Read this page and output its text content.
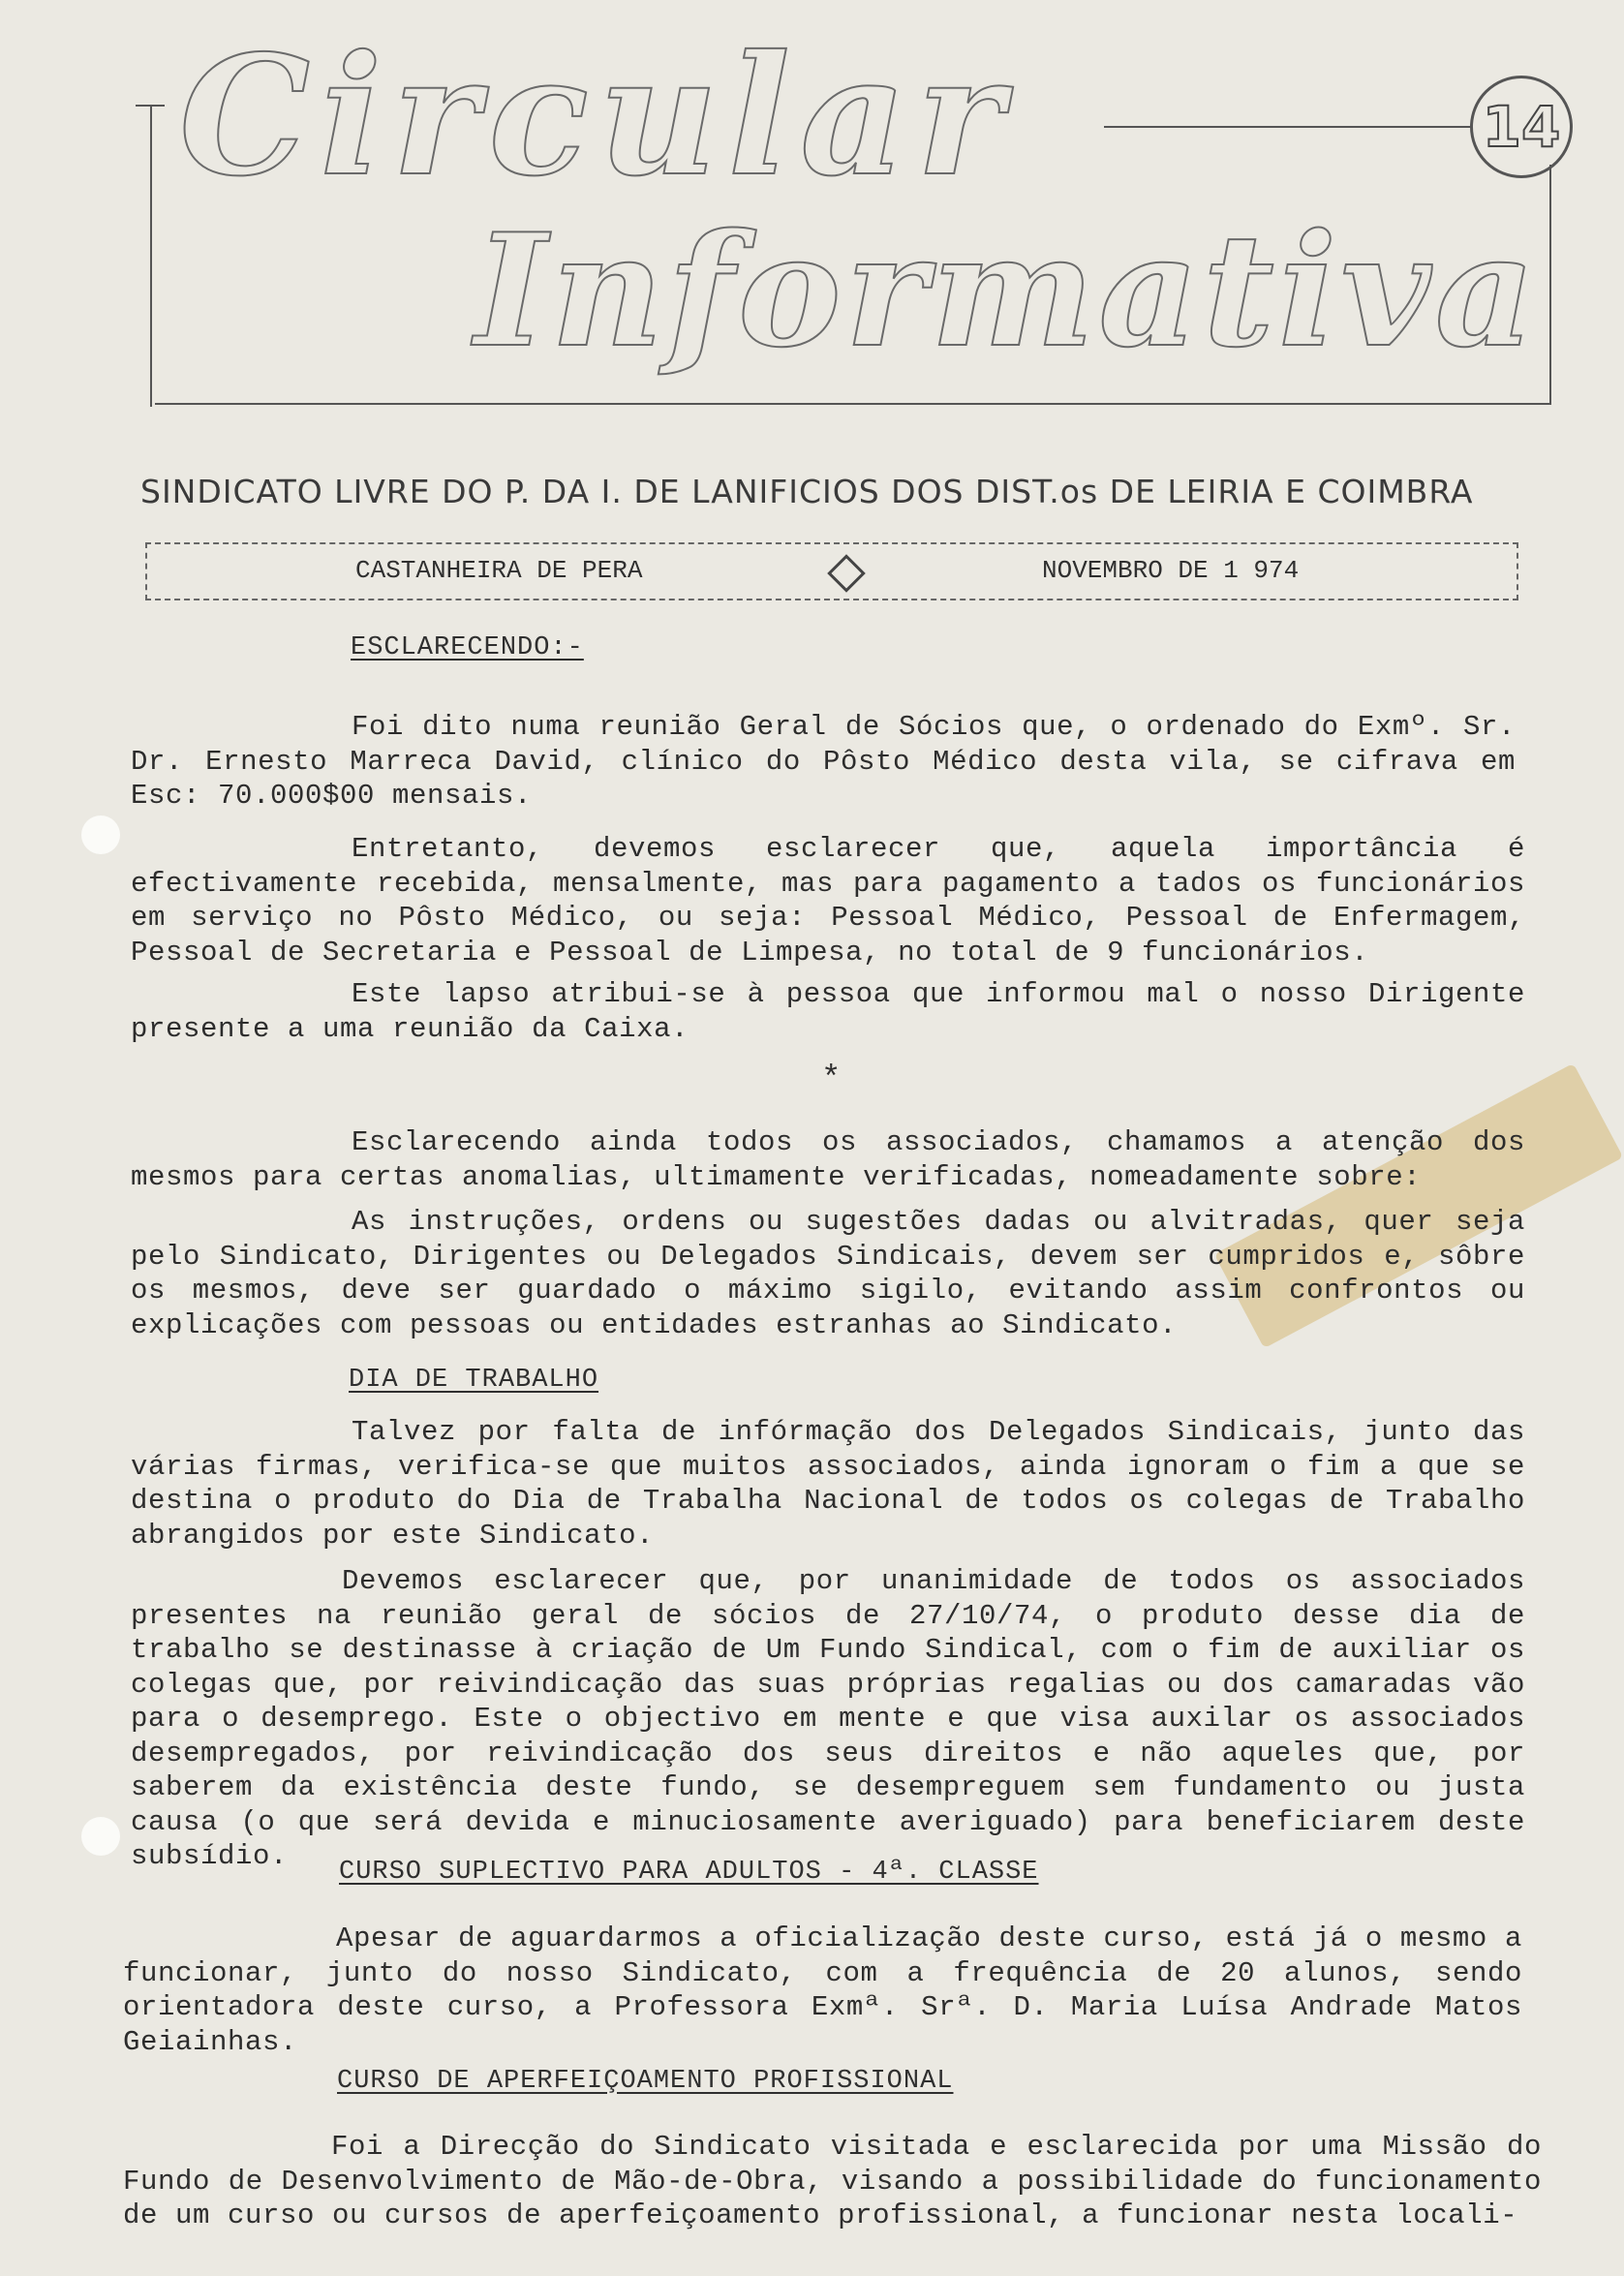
Circular
Informativa
14
SINDICATO LIVRE DO P. DA I. DE LANIFICIOS DOS DIST.os DE LEIRIA E COIMBRA
CASTANHEIRA DE PERA	NOVEMBRO DE 1 974
ESCLARECENDO:-

Foi dito numa reunião Geral de Sócios que, o ordenado do Exmº. Sr. Dr. Ernesto Marreca David, clínico do Pôsto Médico desta vila, se cifrava em Esc: 70.000$00 mensais.

Entretanto, devemos esclarecer que, aquela importância é efectivamente recebida, mensalmente, mas para pagamento a tados os funcionários em serviço no Pôsto Médico, ou seja: Pessoal Médico, Pessoal de Enfermagem, Pessoal de Secretaria e Pessoal de Limpesa, no total de 9 funcionários.

Este lapso atribui-se à pessoa que informou mal o nosso Dirigente presente a uma reunião da Caixa.

*

Esclarecendo ainda todos os associados, chamamos a atenção dos mesmos para certas anomalias, ultimamente verificadas, nomeadamente sobre:

As instruções, ordens ou sugestões dadas ou alvitradas, quer seja pelo Sindicato, Dirigentes ou Delegados Sindicais, devem ser cumpridos e, sôbre os mesmos, deve ser guardado o máximo sigilo, evitando assim confrontos ou explicações com pessoas ou entidades estranhas ao Sindicato.

DIA DE TRABALHO

Talvez por falta de infórmação dos Delegados Sindicais, junto das várias firmas, verifica-se que muitos associados, ainda ignoram o fim a que se destina o produto do Dia de Trabalha Nacional de todos os colegas de Trabalho abrangidos por este Sindicato.

Devemos esclarecer que, por unanimidade de todos os associados presentes na reunião geral de sócios de 27/10/74, o produto desse dia de trabalho se destinasse à criação de Um Fundo Sindical, com o fim de auxiliar os colegas que, por reivindicação das suas próprias regalias ou dos camaradas vão para o desemprego. Este o objectivo em mente e que visa auxilar os associados desempregados, por reivindicação dos seus direitos e não aqueles que, por saberem da existência deste fundo, se desempreguem sem fundamento ou justa causa (o que será devida e minuciosamente averiguado) para beneficiarem deste subsídio.	CURSO SUPLECTIVO PARA ADULTOS - 4ª. CLASSE

Apesar de aguardarmos a oficialização deste curso, está já o mesmo a funcionar, junto do nosso Sindicato, com a frequência de 20 alunos, sendo orientadora deste curso, a Professora Exmª. Srª. D. Maria Luísa Andrade Matos Geiainhas.

CURSO DE APERFEIÇOAMENTO PROFISSIONAL

Foi a Direcção do Sindicato visitada e esclarecida por uma Missão do Fundo de Desenvolvimento de Mão-de-Obra, visando a possibilidade do funcionamento de um curso ou cursos de aperfeiçoamento profissional, a funcionar nesta locali-
